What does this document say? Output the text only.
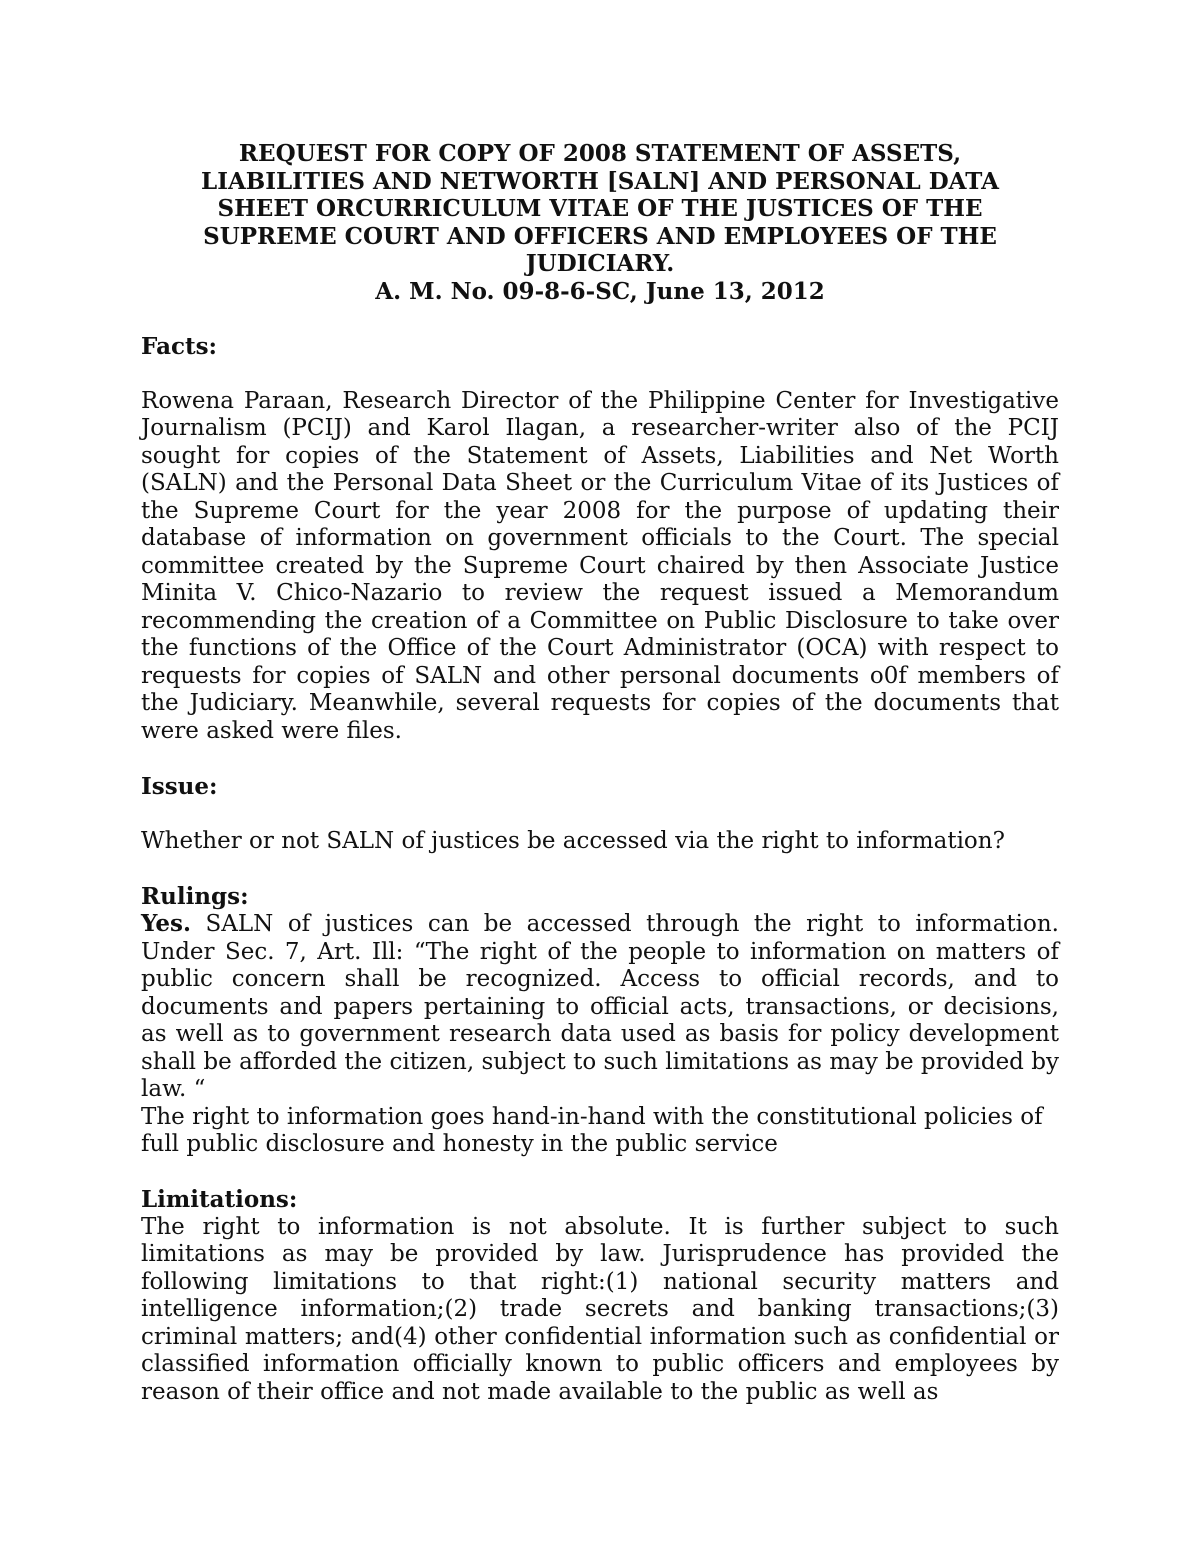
REQUEST FOR COPY OF 2008 STATEMENT OF ASSETS,
LIABILITIES AND NETWORTH [SALN] AND PERSONAL DATA
SHEET ORCURRICULUM VITAE OF THE JUSTICES OF THE
SUPREME COURT AND OFFICERS AND EMPLOYEES OF THE
JUDICIARY.
A. M. No. 09-8-6-SC, June 13, 2012

Facts:

Rowena Paraan, Research Director of the Philippine Center for Investigative Journalism (PCIJ) and Karol Ilagan, a researcher-writer also of the PCIJ sought for copies of the Statement of Assets, Liabilities and Net Worth (SALN) and the Personal Data Sheet or the Curriculum Vitae of its Justices of the Supreme Court for the year 2008 for the purpose of updating their database of information on government officials to the Court. The special committee created by the Supreme Court chaired by then Associate Justice Minita V. Chico-Nazario to review the request issued a Memorandum recommending the creation of a Committee on Public Disclosure to take over the functions of the Office of the Court Administrator (OCA) with respect to requests for copies of SALN and other personal documents o0f members of the Judiciary. Meanwhile, several requests for copies of the documents that were asked were files.

Issue:

Whether or not SALN of justices be accessed via the right to information?

Rulings:

Yes. SALN of justices can be accessed through the right to information. Under Sec. 7, Art. Ill: “The right of the people to information on matters of public concern shall be recognized. Access to official records, and to documents and papers pertaining to official acts, transactions, or decisions, as well as to government research data used as basis for policy development shall be afforded the citizen, subject to such limitations as may be provided by law. “

The right to information goes hand-in-hand with the constitutional policies of full public disclosure and honesty in the public service

Limitations:

The right to information is not absolute. It is further subject to such limitations as may be provided by law. Jurisprudence has provided the following limitations to that right:(1) national security matters and intelligence information;(2) trade secrets and banking transactions;(3) criminal matters; and(4) other confidential information such as confidential or classified information officially known to public officers and employees by reason of their office and not made available to the public as well as
